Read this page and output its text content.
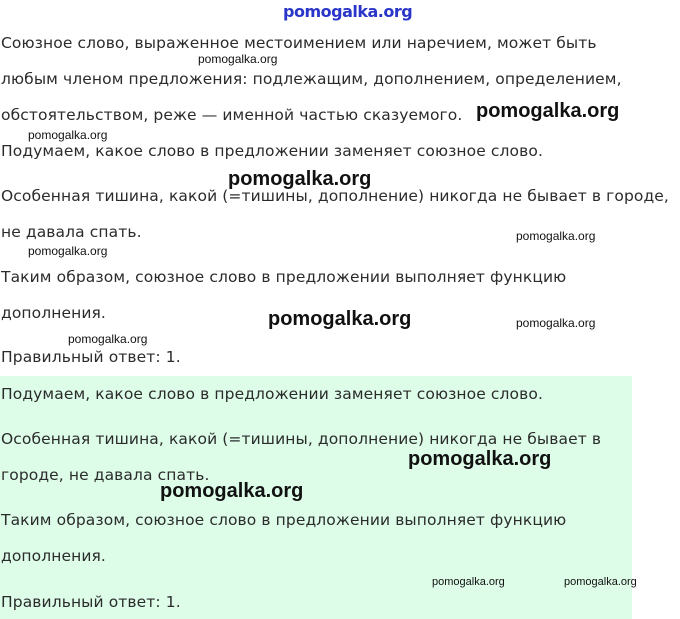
pomogalka.org
Союзное слово, выраженное местоимением или наречием, может быть
любым членом предложения: подлежащим, дополнением, определением,
обстоятельством, реже — именной частью сказуемого.
Подумаем, какое слово в предложении заменяет союзное слово.
Особенная тишина, какой (=тишины, дополнение) никогда не бывает в городе,
не давала спать.
Таким образом, союзное слово в предложении выполняет функцию
дополнения.
Правильный ответ: 1.
Подумаем, какое слово в предложении заменяет союзное слово.
Особенная тишина, какой (=тишины, дополнение) никогда не бывает в
городе, не давала спать.
Таким образом, союзное слово в предложении выполняет функцию
дополнения.
Правильный ответ: 1.
pomogalka.org
pomogalka.org
pomogalka.org
pomogalka.org
pomogalka.org
pomogalka.org
pomogalka.org	pomogalka.org
pomogalka.org
pomogalka.org
pomogalka.org
pomogalka.org	pomogalka.org
